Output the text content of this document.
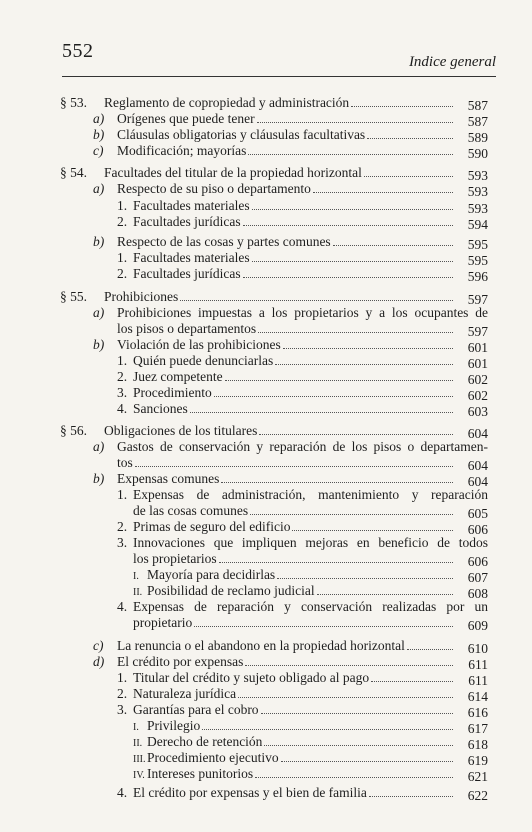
552	Indice general
§ 53. Reglamento de copropiedad y administración	587
a) Orígenes que puede tener	587
b) Cláusulas obligatorias y cláusulas facultativas	589
c) Modificación; mayorías	590
§ 54. Facultades del titular de la propiedad horizontal	593
a) Respecto de su piso o departamento	593
1. Facultades materiales	593
2. Facultades jurídicas	594
b) Respecto de las cosas y partes comunes	595
1. Facultades materiales	595
2. Facultades jurídicas	596
§ 55. Prohibiciones	597
a) Prohibiciones impuestas a los propietarios y a los ocupantes de
los pisos o departamentos	597
b) Violación de las prohibiciones	601
1. Quién puede denunciarlas	601
2. Juez competente	602
3. Procedimiento	602
4. Sanciones	603
§ 56. Obligaciones de los titulares	604
a) Gastos de conservación y reparación de los pisos o departamen-
tos	604
b) Expensas comunes	604
1. Expensas de administración, mantenimiento y reparación
de las cosas comunes	605
2. Primas de seguro del edificio	606
3. Innovaciones que impliquen mejoras en beneficio de todos
los propietarios	606
I. Mayoría para decidirlas	607
II. Posibilidad de reclamo judicial	608
4. Expensas de reparación y conservación realizadas por un
propietario	609
c) La renuncia o el abandono en la propiedad horizontal	610
d) El crédito por expensas	611
1. Titular del crédito y sujeto obligado al pago	611
2. Naturaleza jurídica	614
3. Garantías para el cobro	616
I. Privilegio	617
II. Derecho de retención	618
III. Procedimiento ejecutivo	619
IV. Intereses punitorios	621
4. El crédito por expensas y el bien de familia	622
